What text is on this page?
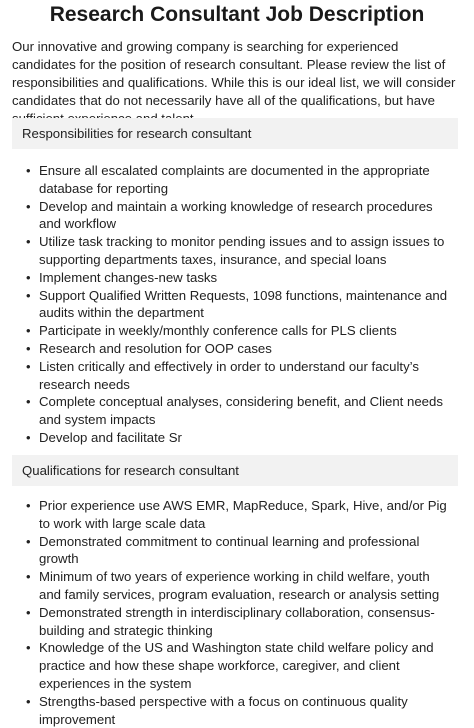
Research Consultant Job Description
Our innovative and growing company is searching for experienced candidates for the position of research consultant. Please review the list of responsibilities and qualifications. While this is our ideal list, we will consider candidates that do not necessarily have all of the qualifications, but have
Responsibilities for research consultant
• Ensure all escalated complaints are documented in the appropriate database for reporting
• Develop and maintain a working knowledge of research procedures and workflow
• Utilize task tracking to monitor pending issues and to assign issues to supporting departments taxes, insurance, and special loans
• Implement changes-new tasks
• Support Qualified Written Requests, 1098 functions, maintenance and audits within the department
• Participate in weekly/monthly conference calls for PLS clients
• Research and resolution for OOP cases
• Listen critically and effectively in order to understand our faculty’s research needs
• Complete conceptual analyses, considering benefit, and Client needs and system impacts
• Develop and facilitate Sr
Qualifications for research consultant
• Prior experience use AWS EMR, MapReduce, Spark, Hive, and/or Pig to work with large scale data
• Demonstrated commitment to continual learning and professional growth
• Minimum of two years of experience working in child welfare, youth and family services, program evaluation, research or analysis setting
• Demonstrated strength in interdisciplinary collaboration, consensus-building and strategic thinking
• Knowledge of the US and Washington state child welfare policy and practice and how these shape workforce, caregiver, and client experiences in the system
• Strengths-based perspective with a focus on continuous quality improvement
